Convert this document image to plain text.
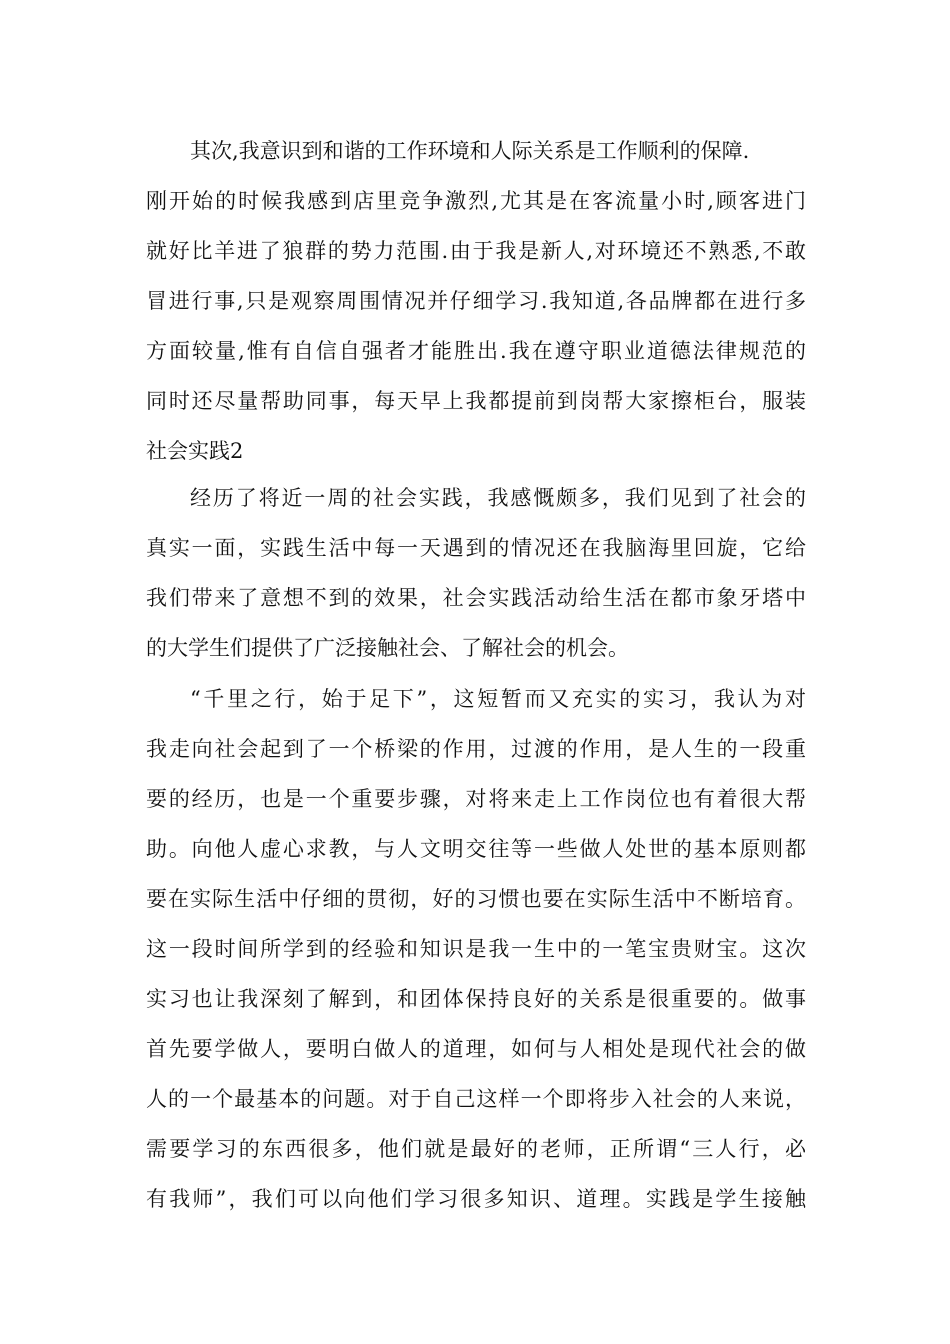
其次,我意识到和谐的工作环境和人际关系是工作顺利的保障.
刚开始的时候我感到店里竞争激烈,尤其是在客流量小时,顾客进门
就好比羊进了狼群的势力范围.由于我是新人,对环境还不熟悉,不敢
冒进行事,只是观察周围情况并仔细学习.我知道,各品牌都在进行多
方面较量,惟有自信自强者才能胜出.我在遵守职业道德法律规范的
同时还尽量帮助同事，每天早上我都提前到岗帮大家擦柜台，服装
社会实践2
经历了将近一周的社会实践，我感慨颇多，我们见到了社会的
真实一面，实践生活中每一天遇到的情况还在我脑海里回旋，它给
我们带来了意想不到的效果，社会实践活动给生活在都市象牙塔中
的大学生们提供了广泛接触社会、了解社会的机会。
“千里之行，始于足下”，这短暂而又充实的实习，我认为对
我走向社会起到了一个桥梁的作用，过渡的作用，是人生的一段重
要的经历，也是一个重要步骤，对将来走上工作岗位也有着很大帮
助。向他人虚心求教，与人文明交往等一些做人处世的基本原则都
要在实际生活中仔细的贯彻，好的习惯也要在实际生活中不断培育。
这一段时间所学到的经验和知识是我一生中的一笔宝贵财宝。这次
实习也让我深刻了解到，和团体保持良好的关系是很重要的。做事
首先要学做人，要明白做人的道理，如何与人相处是现代社会的做
人的一个最基本的问题。对于自己这样一个即将步入社会的人来说，
需要学习的东西很多，他们就是最好的老师，正所谓“三人行，必
有我师”，我们可以向他们学习很多知识、道理。实践是学生接触
